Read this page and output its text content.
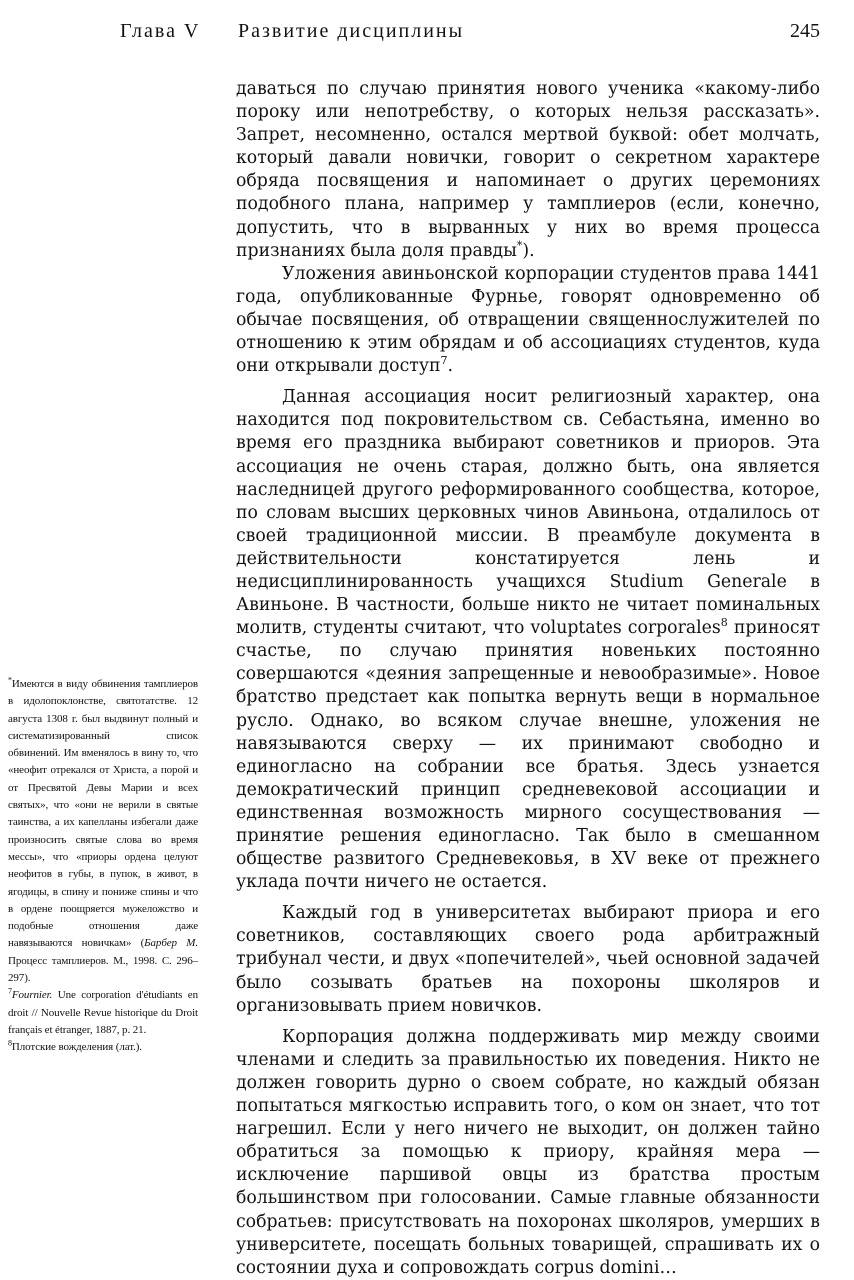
Глава V Развитие дисциплины	245

даваться по случаю принятия нового ученика «какому-либо пороку или непотребству, о которых нельзя рассказать». Запрет, несомненно, остался мертвой буквой: обет молчать, который давали новички, говорит о секретном характере обряда посвящения и напоминает о других церемониях подобного плана, например у тамплиеров (если, конечно, допустить, что в вырванных у них во время процесса признаниях была доля правды*).

Уложения авиньонской корпорации студентов права 1441 года, опубликованные Фурнье, говорят одновременно об обычае посвящения, об отвращении священнослужителей по отношению к этим обрядам и об ассоциациях студентов, куда они открывали доступ$^7$.

Данная ассоциация носит религиозный характер, она находится под покровительством св. Себастьяна, именно во время его праздника выбирают советников и приоров. Эта ассоциация не очень старая, должно быть, она является наследницей другого реформированного сообщества, которое, по словам высших церковных чинов Авиньона, отдалилось от своей традиционной миссии. В преамбуле документа в действительности констатируется лень и недисциплинированность учащихся Studium Generale в Авиньоне. В частности, больше никто не читает поминальных молитв, студенты считают, что voluptates corporales$^8$ приносят счастье, по случаю принятия новеньких постоянно совершаются «деяния запрещенные и невообразимые». Новое братство предстает как попытка вернуть вещи в нормальное русло. Однако, во всяком случае внешне, уложения не навязываются сверху — их принимают свободно и единогласно на собрании все братья. Здесь узнается демократический принцип средневековой ассоциации и единственная возможность мирного сосуществования — принятие решения единогласно. Так было в смешанном обществе развитого Средневековья, в XV веке от прежнего уклада почти ничего не остается.

Каждый год в университетах выбирают приора и его советников, составляющих своего рода арбитражный трибунал чести, и двух «попечителей», чьей основной задачей было созывать братьев на похороны школяров и организовывать прием новичков.

Корпорация должна поддерживать мир между своими членами и следить за правильностью их поведения. Никто не должен говорить дурно о своем собрате, но каждый обязан попытаться мягкостью исправить того, о ком он знает, что тот нагрешил. Если у него ничего не выходит, он должен тайно обратиться за помощью к приору, крайняя мера — исключение паршивой овцы из братства простым большинством при голосовании. Самые главные обязанности собратьев: присутствовать на похоронах школяров, умерших в университете, посещать больных товарищей, спрашивать их о состоянии духа и сопровождать corpus domini…

*Имеются в виду обвинения тамплиеров в идолопоклонстве, святотатстве. 12 августа 1308 г. был выдвинут полный и систематизированный список обвинений. Им вменялось в вину то, что «неофит отрекался от Христа, а порой и от Пресвятой Девы Марии и всех святых», что «они не верили в святые таинства, а их капелланы избегали даже произносить святые слова во время мессы», что «приоры ордена целуют неофитов в губы, в пупок, в живот, в ягодицы, в спину и пониже спины и что в ордене поощряется мужеложство и подобные отношения даже навязываются новичкам» (Барбер М. Процесс тамплиеров. М., 1998. С. 296–297).

$^7$Fournier. Une corporation d'étudiants en droit // Nouvelle Revue historique du Droit français et étranger, 1887, p. 21.

$^8$Плотские вожделения (лат.).
